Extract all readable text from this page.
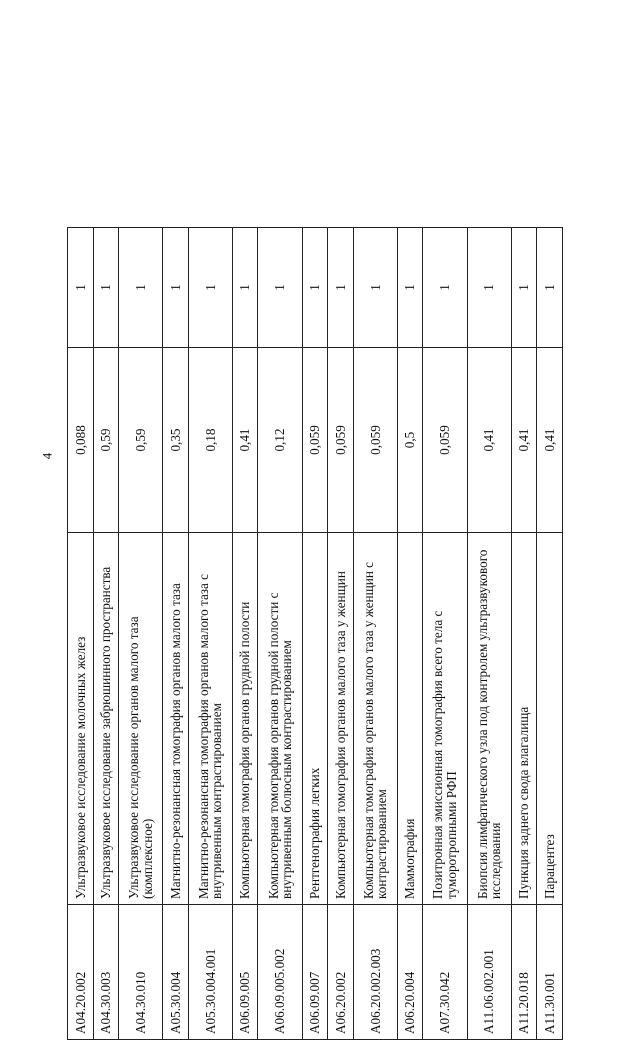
4
A04.20.002	Ультразвуковое исследование молочных желез	0,088	1
A04.30.003	Ультразвуковое исследование забрюшинного пространства	0,59	1
A04.30.010	Ультразвуковое исследование органов малого таза (комплексное)	0,59	1
A05.30.004	Магнитно-резонансная томография органов малого таза	0,35	1
A05.30.004.001	Магнитно-резонансная томография органов малого таза с внутривенным контрастированием	0,18	1
A06.09.005	Компьютерная томография органов грудной полости	0,41	1
A06.09.005.002	Компьютерная томография органов грудной полости с внутривенным болюсным контрастированием	0,12	1
A06.09.007	Рентгенография легких	0,059	1
A06.20.002	Компьютерная томография органов малого таза у женщин	0,059	1
A06.20.002.003	Компьютерная томография органов малого таза у женщин с контрастированием	0,059	1
A06.20.004	Маммография	0,5	1
A07.30.042	Позитронная эмиссионная томография всего тела с туморотропными РФП	0,059	1
A11.06.002.001	Биопсия лимфатического узла под контролем ультразвукового исследования	0,41	1
A11.20.018	Пункция заднего свода влагалища	0,41	1
A11.30.001	Парацентез	0,41	1
